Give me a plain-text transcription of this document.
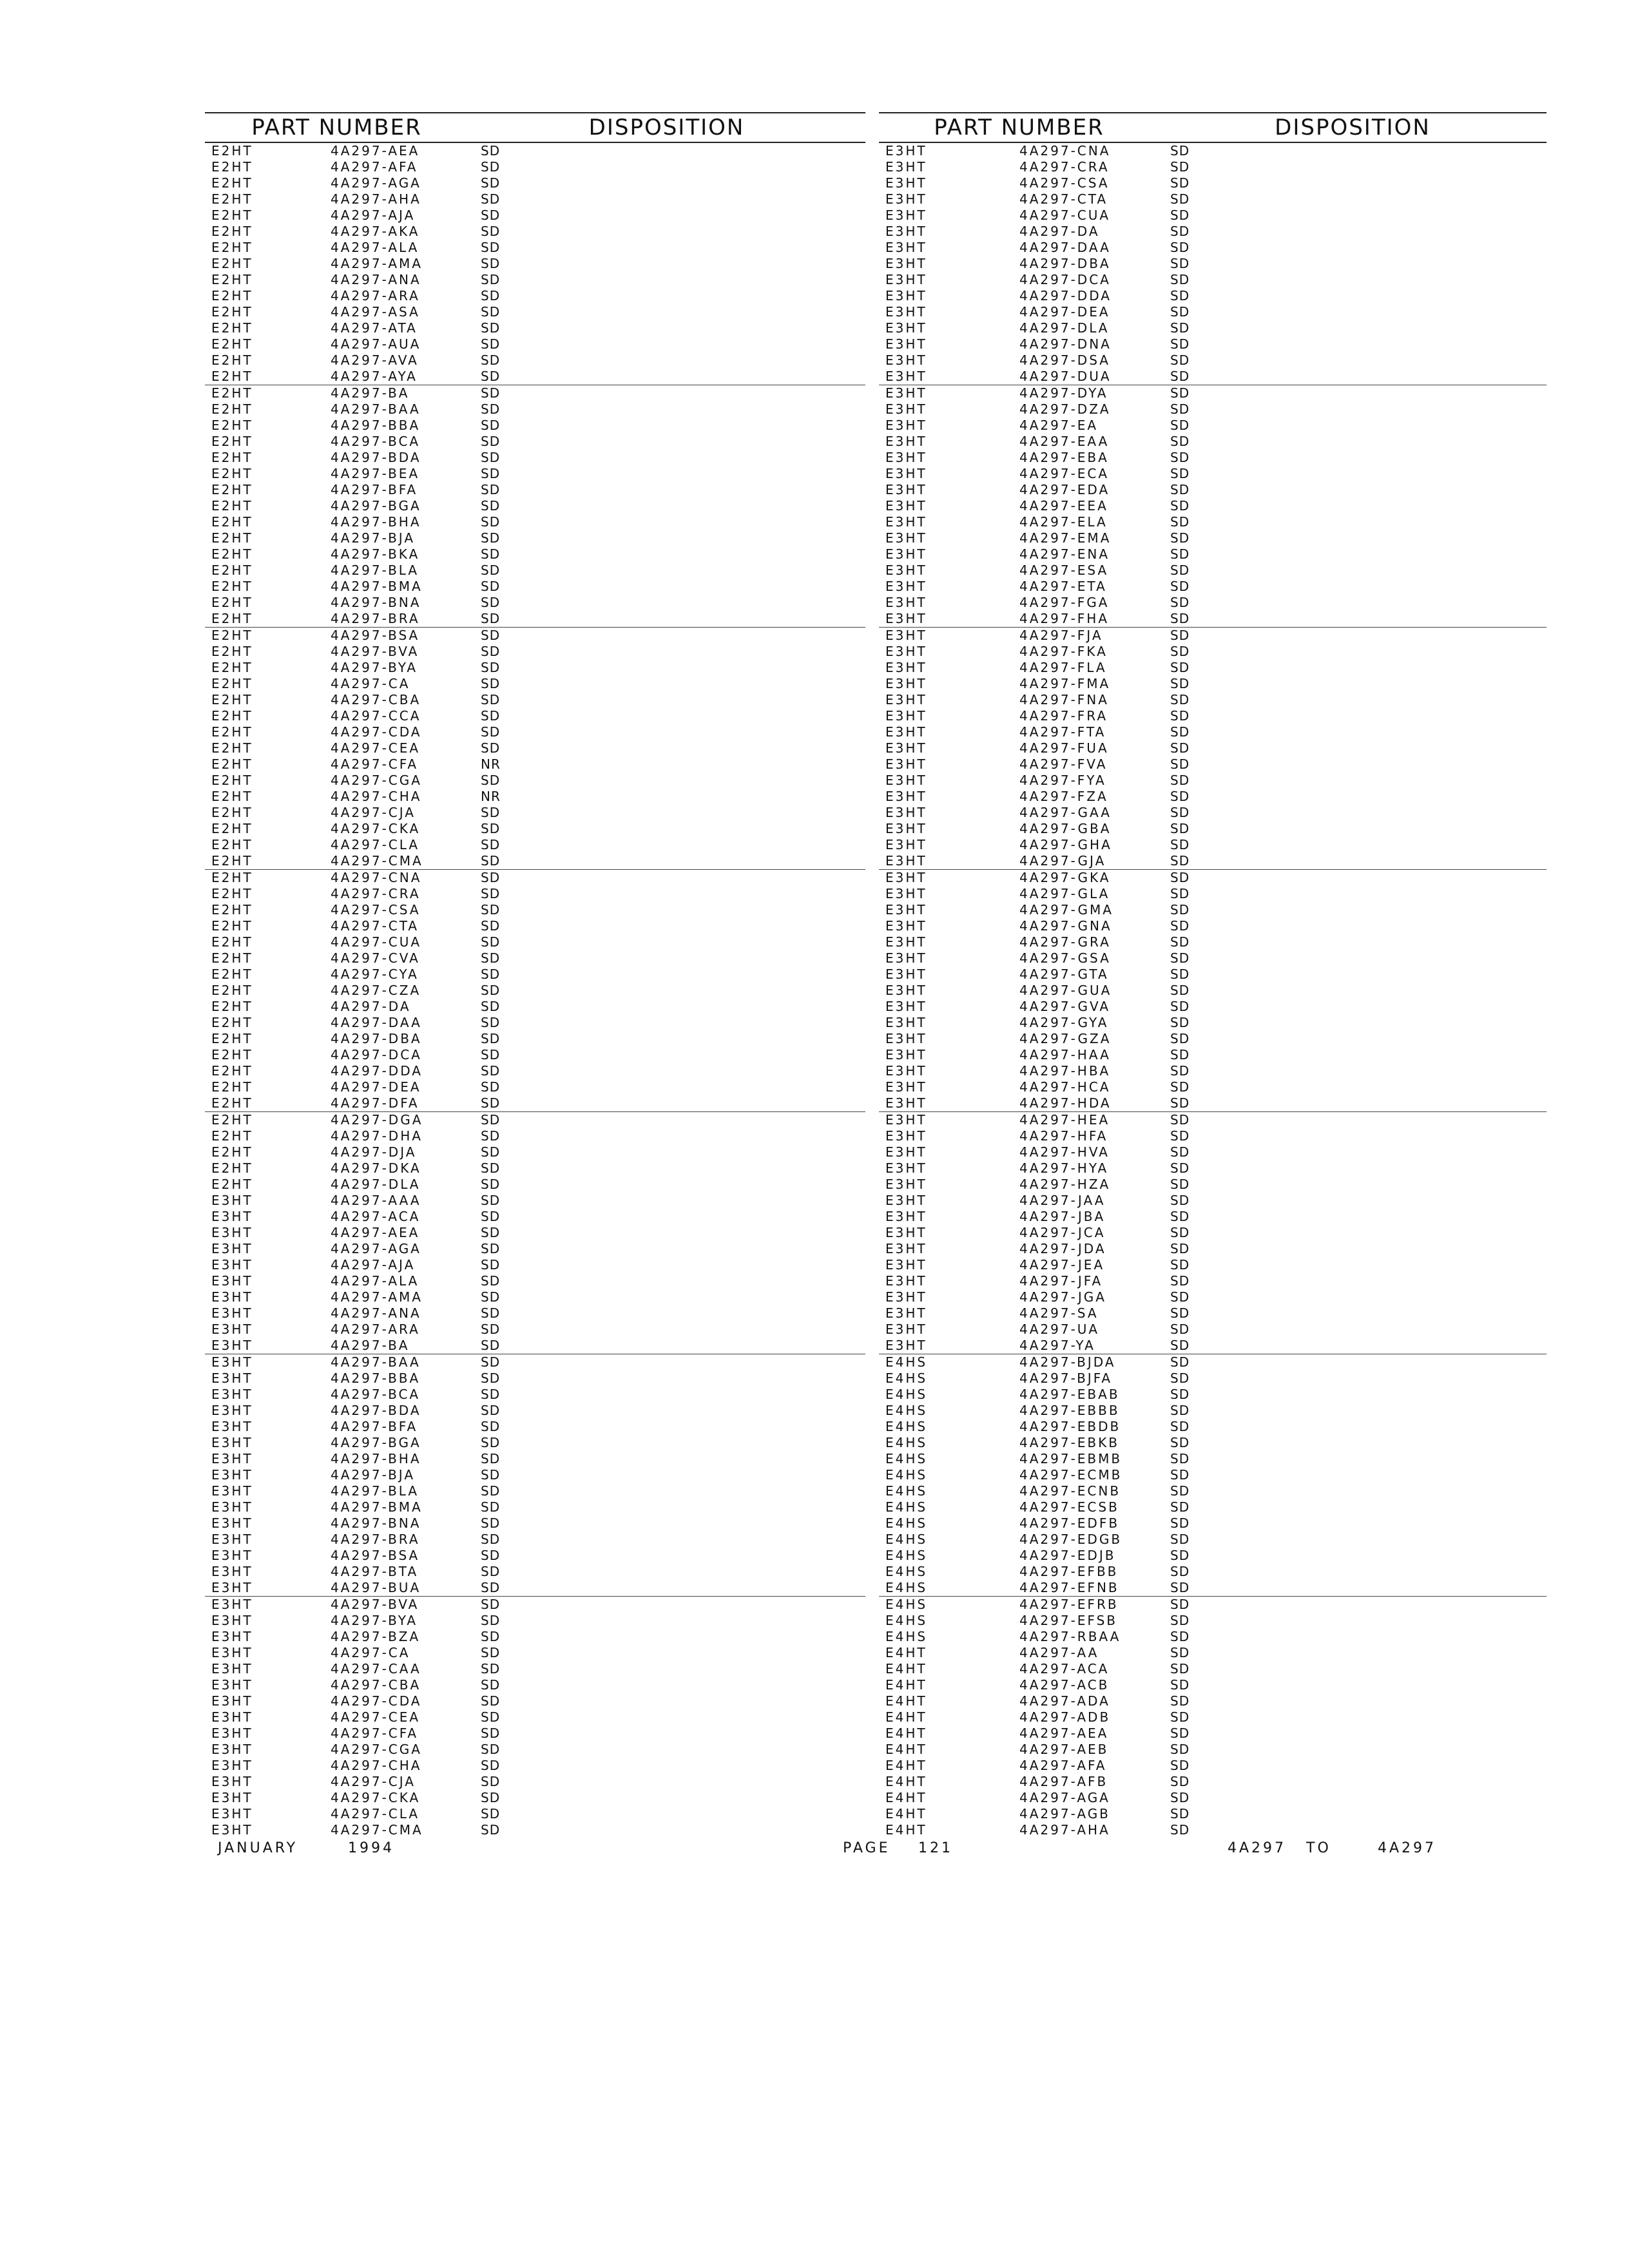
PART NUMBER	DISPOSITION
E2HT	4A297-AEA	SD
E2HT	4A297-AFA	SD
E2HT	4A297-AGA	SD
E2HT	4A297-AHA	SD
E2HT	4A297-AJA	SD
E2HT	4A297-AKA	SD
E2HT	4A297-ALA	SD
E2HT	4A297-AMA	SD
E2HT	4A297-ANA	SD
E2HT	4A297-ARA	SD
E2HT	4A297-ASA	SD
E2HT	4A297-ATA	SD
E2HT	4A297-AUA	SD
E2HT	4A297-AVA	SD
E2HT	4A297-AYA	SD
E2HT	4A297-BA	SD
E2HT	4A297-BAA	SD
E2HT	4A297-BBA	SD
E2HT	4A297-BCA	SD
E2HT	4A297-BDA	SD
E2HT	4A297-BEA	SD
E2HT	4A297-BFA	SD
E2HT	4A297-BGA	SD
E2HT	4A297-BHA	SD
E2HT	4A297-BJA	SD
E2HT	4A297-BKA	SD
E2HT	4A297-BLA	SD
E2HT	4A297-BMA	SD
E2HT	4A297-BNA	SD
E2HT	4A297-BRA	SD
E2HT	4A297-BSA	SD
E2HT	4A297-BVA	SD
E2HT	4A297-BYA	SD
E2HT	4A297-CA	SD
E2HT	4A297-CBA	SD
E2HT	4A297-CCA	SD
E2HT	4A297-CDA	SD
E2HT	4A297-CEA	SD
E2HT	4A297-CFA	NR
E2HT	4A297-CGA	SD
E2HT	4A297-CHA	NR
E2HT	4A297-CJA	SD
E2HT	4A297-CKA	SD
E2HT	4A297-CLA	SD
E2HT	4A297-CMA	SD
E2HT	4A297-CNA	SD
E2HT	4A297-CRA	SD
E2HT	4A297-CSA	SD
E2HT	4A297-CTA	SD
E2HT	4A297-CUA	SD
E2HT	4A297-CVA	SD
E2HT	4A297-CYA	SD
E2HT	4A297-CZA	SD
E2HT	4A297-DA	SD
E2HT	4A297-DAA	SD
E2HT	4A297-DBA	SD
E2HT	4A297-DCA	SD
E2HT	4A297-DDA	SD
E2HT	4A297-DEA	SD
E2HT	4A297-DFA	SD
E2HT	4A297-DGA	SD
E2HT	4A297-DHA	SD
E2HT	4A297-DJA	SD
E2HT	4A297-DKA	SD
E2HT	4A297-DLA	SD
E3HT	4A297-AAA	SD
E3HT	4A297-ACA	SD
E3HT	4A297-AEA	SD
E3HT	4A297-AGA	SD
E3HT	4A297-AJA	SD
E3HT	4A297-ALA	SD
E3HT	4A297-AMA	SD
E3HT	4A297-ANA	SD
E3HT	4A297-ARA	SD
E3HT	4A297-BA	SD
E3HT	4A297-BAA	SD
E3HT	4A297-BBA	SD
E3HT	4A297-BCA	SD
E3HT	4A297-BDA	SD
E3HT	4A297-BFA	SD
E3HT	4A297-BGA	SD
E3HT	4A297-BHA	SD
E3HT	4A297-BJA	SD
E3HT	4A297-BLA	SD
E3HT	4A297-BMA	SD
E3HT	4A297-BNA	SD
E3HT	4A297-BRA	SD
E3HT	4A297-BSA	SD
E3HT	4A297-BTA	SD
E3HT	4A297-BUA	SD
E3HT	4A297-BVA	SD
E3HT	4A297-BYA	SD
E3HT	4A297-BZA	SD
E3HT	4A297-CA	SD
E3HT	4A297-CAA	SD
E3HT	4A297-CBA	SD
E3HT	4A297-CDA	SD
E3HT	4A297-CEA	SD
E3HT	4A297-CFA	SD
E3HT	4A297-CGA	SD
E3HT	4A297-CHA	SD
E3HT	4A297-CJA	SD
E3HT	4A297-CKA	SD
E3HT	4A297-CLA	SD
E3HT	4A297-CMA	SD
PART NUMBER	DISPOSITION
E3HT	4A297-CNA	SD
E3HT	4A297-CRA	SD
E3HT	4A297-CSA	SD
E3HT	4A297-CTA	SD
E3HT	4A297-CUA	SD
E3HT	4A297-DA	SD
E3HT	4A297-DAA	SD
E3HT	4A297-DBA	SD
E3HT	4A297-DCA	SD
E3HT	4A297-DDA	SD
E3HT	4A297-DEA	SD
E3HT	4A297-DLA	SD
E3HT	4A297-DNA	SD
E3HT	4A297-DSA	SD
E3HT	4A297-DUA	SD
E3HT	4A297-DYA	SD
E3HT	4A297-DZA	SD
E3HT	4A297-EA	SD
E3HT	4A297-EAA	SD
E3HT	4A297-EBA	SD
E3HT	4A297-ECA	SD
E3HT	4A297-EDA	SD
E3HT	4A297-EEA	SD
E3HT	4A297-ELA	SD
E3HT	4A297-EMA	SD
E3HT	4A297-ENA	SD
E3HT	4A297-ESA	SD
E3HT	4A297-ETA	SD
E3HT	4A297-FGA	SD
E3HT	4A297-FHA	SD
E3HT	4A297-FJA	SD
E3HT	4A297-FKA	SD
E3HT	4A297-FLA	SD
E3HT	4A297-FMA	SD
E3HT	4A297-FNA	SD
E3HT	4A297-FRA	SD
E3HT	4A297-FTA	SD
E3HT	4A297-FUA	SD
E3HT	4A297-FVA	SD
E3HT	4A297-FYA	SD
E3HT	4A297-FZA	SD
E3HT	4A297-GAA	SD
E3HT	4A297-GBA	SD
E3HT	4A297-GHA	SD
E3HT	4A297-GJA	SD
E3HT	4A297-GKA	SD
E3HT	4A297-GLA	SD
E3HT	4A297-GMA	SD
E3HT	4A297-GNA	SD
E3HT	4A297-GRA	SD
E3HT	4A297-GSA	SD
E3HT	4A297-GTA	SD
E3HT	4A297-GUA	SD
E3HT	4A297-GVA	SD
E3HT	4A297-GYA	SD
E3HT	4A297-GZA	SD
E3HT	4A297-HAA	SD
E3HT	4A297-HBA	SD
E3HT	4A297-HCA	SD
E3HT	4A297-HDA	SD
E3HT	4A297-HEA	SD
E3HT	4A297-HFA	SD
E3HT	4A297-HVA	SD
E3HT	4A297-HYA	SD
E3HT	4A297-HZA	SD
E3HT	4A297-JAA	SD
E3HT	4A297-JBA	SD
E3HT	4A297-JCA	SD
E3HT	4A297-JDA	SD
E3HT	4A297-JEA	SD
E3HT	4A297-JFA	SD
E3HT	4A297-JGA	SD
E3HT	4A297-SA	SD
E3HT	4A297-UA	SD
E3HT	4A297-YA	SD
E4HS	4A297-BJDA	SD
E4HS	4A297-BJFA	SD
E4HS	4A297-EBAB	SD
E4HS	4A297-EBBB	SD
E4HS	4A297-EBDB	SD
E4HS	4A297-EBKB	SD
E4HS	4A297-EBMB	SD
E4HS	4A297-ECMB	SD
E4HS	4A297-ECNB	SD
E4HS	4A297-ECSB	SD
E4HS	4A297-EDFB	SD
E4HS	4A297-EDGB	SD
E4HS	4A297-EDJB	SD
E4HS	4A297-EFBB	SD
E4HS	4A297-EFNB	SD
E4HS	4A297-EFRB	SD
E4HS	4A297-EFSB	SD
E4HS	4A297-RBAA	SD
E4HT	4A297-AA	SD
E4HT	4A297-ACA	SD
E4HT	4A297-ACB	SD
E4HT	4A297-ADA	SD
E4HT	4A297-ADB	SD
E4HT	4A297-AEA	SD
E4HT	4A297-AEB	SD
E4HT	4A297-AFA	SD
E4HT	4A297-AFB	SD
E4HT	4A297-AGA	SD
E4HT	4A297-AGB	SD
E4HT	4A297-AHA	SD
JANUARY	1994	PAGE 121	4A297 TO	4A297
